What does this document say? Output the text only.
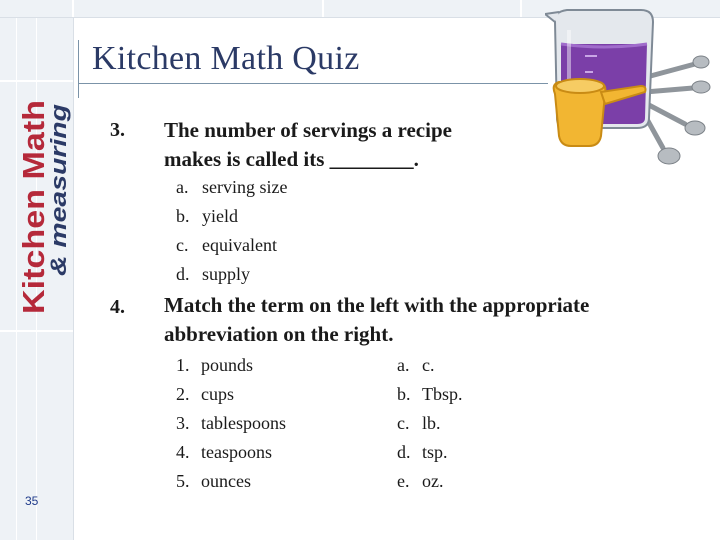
Kitchen Math
& measuring
Kitchen Math Quiz
3. The number of servings a recipe
makes is called its ________.
a. serving size
b. yield
c. equivalent
d. supply
4. Match the term on the left with the appropriate
abbreviation on the right.
1. pounds
2. cups
3. tablespoons
4. teaspoons
5. ounces
a. c.
b. Tbsp.
c. lb.
d. tsp.
e. oz.
35
